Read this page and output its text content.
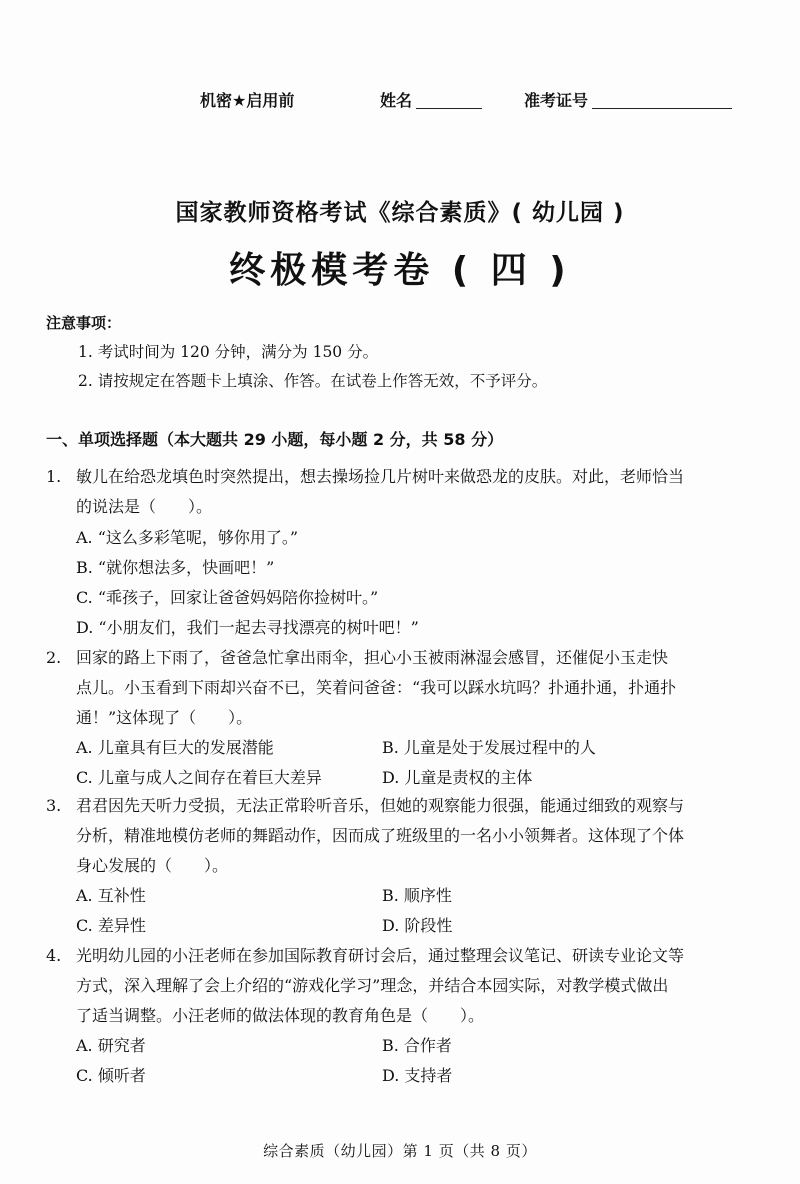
机密★启用前	姓名	准考证号
国家教师资格考试《综合素质》( 幼儿园 )
终极模考卷 ( 四 )
注意事项：
1. 考试时间为 120 分钟，满分为 150 分。
2. 请按规定在答题卡上填涂、作答。在试卷上作答无效，不予评分。
一、单项选择题（本大题共 29 小题，每小题 2 分，共 58 分）
1. 敏儿在给恐龙填色时突然提出，想去操场捡几片树叶来做恐龙的皮肤。对此，老师恰当
的说法是（　　）。
A. “这么多彩笔呢，够你用了。”
B. “就你想法多，快画吧！”
C. “乖孩子，回家让爸爸妈妈陪你捡树叶。”
D. “小朋友们，我们一起去寻找漂亮的树叶吧！”
2. 回家的路上下雨了，爸爸急忙拿出雨伞，担心小玉被雨淋湿会感冒，还催促小玉走快
点儿。小玉看到下雨却兴奋不已，笑着问爸爸：“我可以踩水坑吗？扑通扑通，扑通扑
通！”这体现了（　　）。
A. 儿童具有巨大的发展潜能	B. 儿童是处于发展过程中的人
C. 儿童与成人之间存在着巨大差异	D. 儿童是责权的主体
3. 君君因先天听力受损，无法正常聆听音乐，但她的观察能力很强，能通过细致的观察与
分析，精准地模仿老师的舞蹈动作，因而成了班级里的一名小小领舞者。这体现了个体
身心发展的（　　）。
A. 互补性	B. 顺序性
C. 差异性	D. 阶段性
4. 光明幼儿园的小汪老师在参加国际教育研讨会后，通过整理会议笔记、研读专业论文等
方式，深入理解了会上介绍的“游戏化学习”理念，并结合本园实际，对教学模式做出
了适当调整。小汪老师的做法体现的教育角色是（　　）。
A. 研究者	B. 合作者
C. 倾听者	D. 支持者
综合素质（幼儿园）第 1 页（共 8 页）
